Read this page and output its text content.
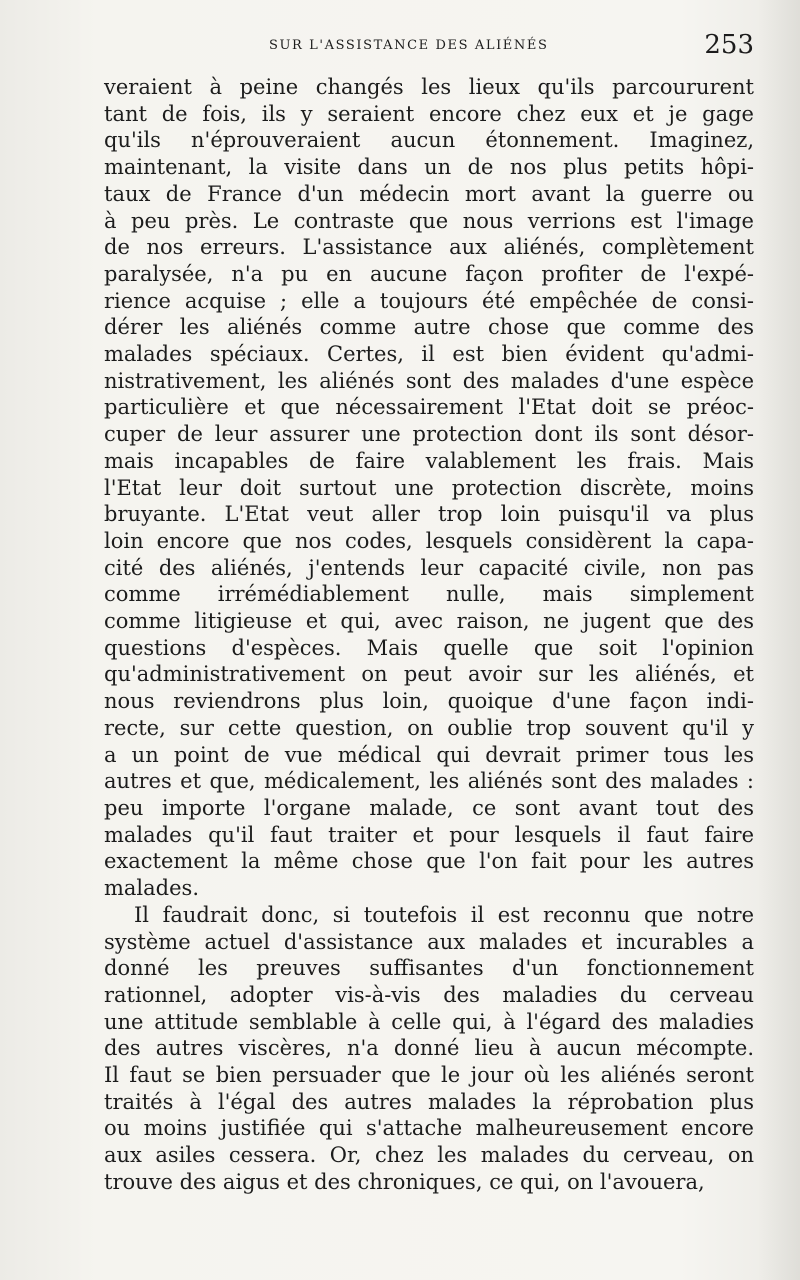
SUR L'ASSISTANCE DES ALIÉNÉS	253
veraient à peine changés les lieux qu'ils parcoururent
tant de fois, ils y seraient encore chez eux et je gage
qu'ils n'éprouveraient aucun étonnement. Imaginez,
maintenant, la visite dans un de nos plus petits hôpi-
taux de France d'un médecin mort avant la guerre ou
à peu près. Le contraste que nous verrions est l'image
de nos erreurs. L'assistance aux aliénés, complètement
paralysée, n'a pu en aucune façon profiter de l'expé-
rience acquise ; elle a toujours été empêchée de consi-
dérer les aliénés comme autre chose que comme des
malades spéciaux. Certes, il est bien évident qu'admi-
nistrativement, les aliénés sont des malades d'une espèce
particulière et que nécessairement l'Etat doit se préoc-
cuper de leur assurer une protection dont ils sont désor-
mais incapables de faire valablement les frais. Mais
l'Etat leur doit surtout une protection discrète, moins
bruyante. L'Etat veut aller trop loin puisqu'il va plus
loin encore que nos codes, lesquels considèrent la capa-
cité des aliénés, j'entends leur capacité civile, non pas
comme irrémédiablement nulle, mais simplement
comme litigieuse et qui, avec raison, ne jugent que des
questions d'espèces. Mais quelle que soit l'opinion
qu'administrativement on peut avoir sur les aliénés, et
nous reviendrons plus loin, quoique d'une façon indi-
recte, sur cette question, on oublie trop souvent qu'il y
a un point de vue médical qui devrait primer tous les
autres et que, médicalement, les aliénés sont des malades :
peu importe l'organe malade, ce sont avant tout des
malades qu'il faut traiter et pour lesquels il faut faire
exactement la même chose que l'on fait pour les autres
malades.
Il faudrait donc, si toutefois il est reconnu que notre
système actuel d'assistance aux malades et incurables a
donné les preuves suffisantes d'un fonctionnement
rationnel, adopter vis-à-vis des maladies du cerveau
une attitude semblable à celle qui, à l'égard des maladies
des autres viscères, n'a donné lieu à aucun mécompte.
Il faut se bien persuader que le jour où les aliénés seront
traités à l'égal des autres malades la réprobation plus
ou moins justifiée qui s'attache malheureusement encore
aux asiles cessera. Or, chez les malades du cerveau, on
trouve des aigus et des chroniques, ce qui, on l'avouera,
